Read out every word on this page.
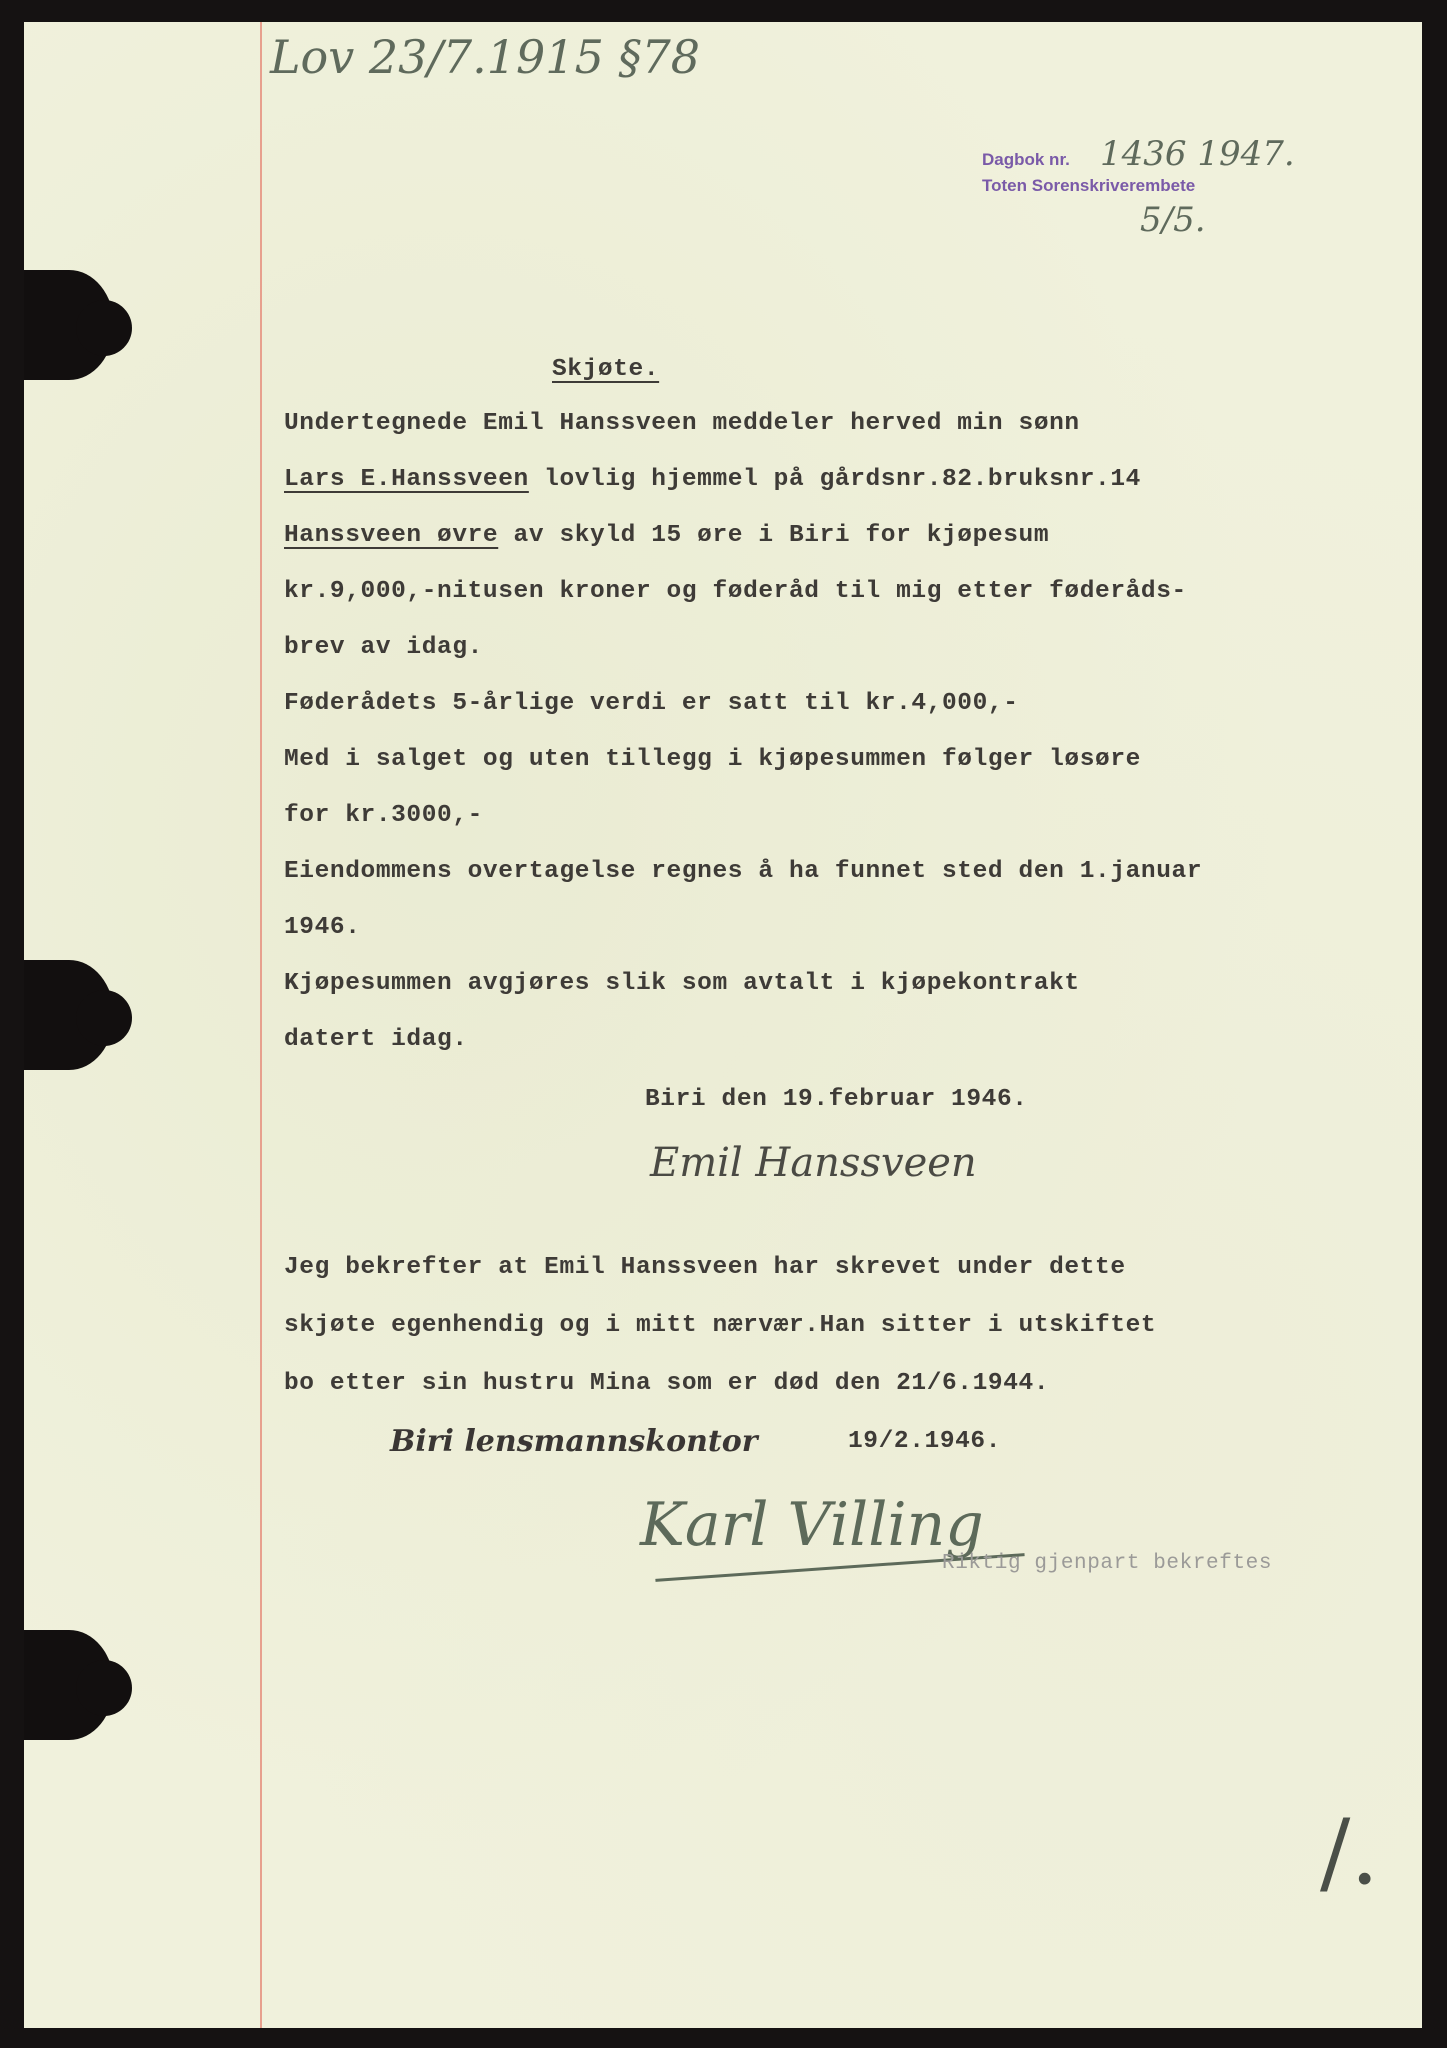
Lov 23/7.1915 §78
Dagbok nr. 1436 1947.
Toten Sorenskriverembete
5/5.
Skjøte.
Undertegnede Emil Hanssveen meddeler herved min sønn
Lars E.Hanssveen lovlig hjemmel på gårdsnr.82.bruksnr.14
Hanssveen øvre av skyld 15 øre i Biri for kjøpesum
kr.9,000,-nitusen kroner og føderåd til mig etter føderåds-
brev av idag.
Føderådets 5-årlige verdi er satt til kr.4,000,-
Med i salget og uten tillegg i kjøpesummen følger løsøre
for kr.3000,-
Eiendommens overtagelse regnes å ha funnet sted den 1.januar
1946.
Kjøpesummen avgjøres slik som avtalt i kjøpekontrakt
datert idag.
Biri den 19.februar 1946.
Emil Hanssveen
Jeg bekrefter at Emil Hanssveen har skrevet under dette
skjøte egenhendig og i mitt nærvær.Han sitter i utskiftet
bo etter sin hustru Mina som er død den 21/6.1944.
Biri lensmannskontor	19/2.1946.
Karl Villing
Riktig gjenpart bekreftes
/.
